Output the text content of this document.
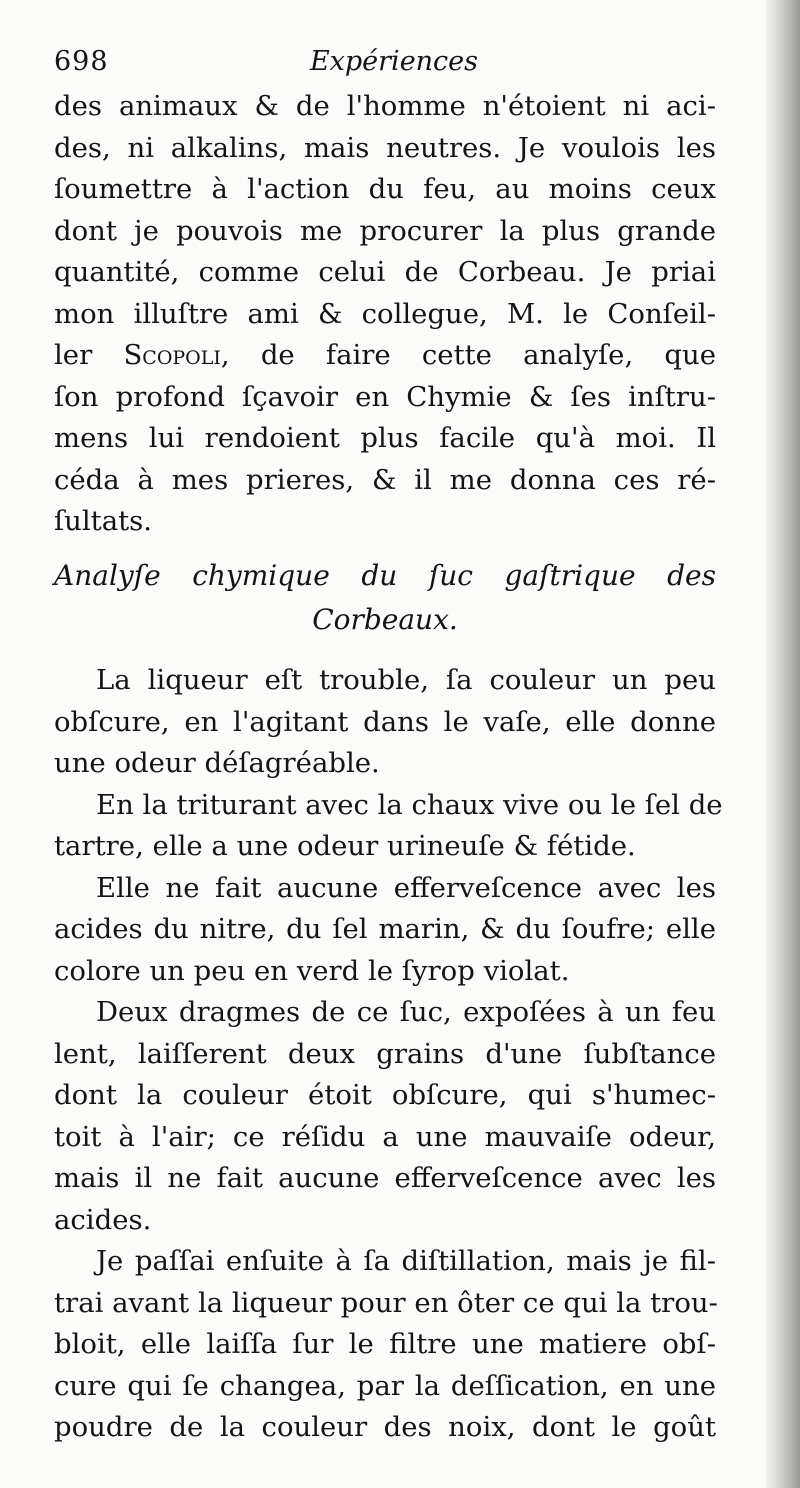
698	Expériences
des animaux & de l'homme n'étoient ni aci-
des, ni alkalins, mais neutres. Je voulois les
ſoumettre à l'action du feu, au moins ceux
dont je pouvois me procurer la plus grande
quantité, comme celui de Corbeau. Je priai
mon illuſtre ami & collegue, M. le Conſeil-
ler Scopoli, de faire cette analyſe, que
ſon profond ſçavoir en Chymie & ſes inſtru-
mens lui rendoient plus facile qu'à moi. Il
céda à mes prieres, & il me donna ces ré-
ſultats.
Analyſe chymique du ſuc gaſtrique des
Corbeaux.
La liqueur eſt trouble, ſa couleur un peu
obſcure, en l'agitant dans le vaſe, elle donne
une odeur déſagréable.
En la triturant avec la chaux vive ou le ſel de
tartre, elle a une odeur urineuſe & fétide.
Elle ne fait aucune efferveſcence avec les
acides du nitre, du ſel marin, & du ſoufre; elle
colore un peu en verd le ſyrop violat.
Deux dragmes de ce ſuc, expoſées à un feu
lent, laiſſerent deux grains d'une ſubſtance
dont la couleur étoit obſcure, qui s'humec-
toit à l'air; ce réſidu a une mauvaiſe odeur,
mais il ne fait aucune efferveſcence avec les
acides.
Je paſſai enſuite à ſa diſtillation, mais je fil-
trai avant la liqueur pour en ôter ce qui la trou-
bloit, elle laiſſa ſur le filtre une matiere obſ-
cure qui ſe changea, par la deſſication, en une
poudre de la couleur des noix, dont le goût
